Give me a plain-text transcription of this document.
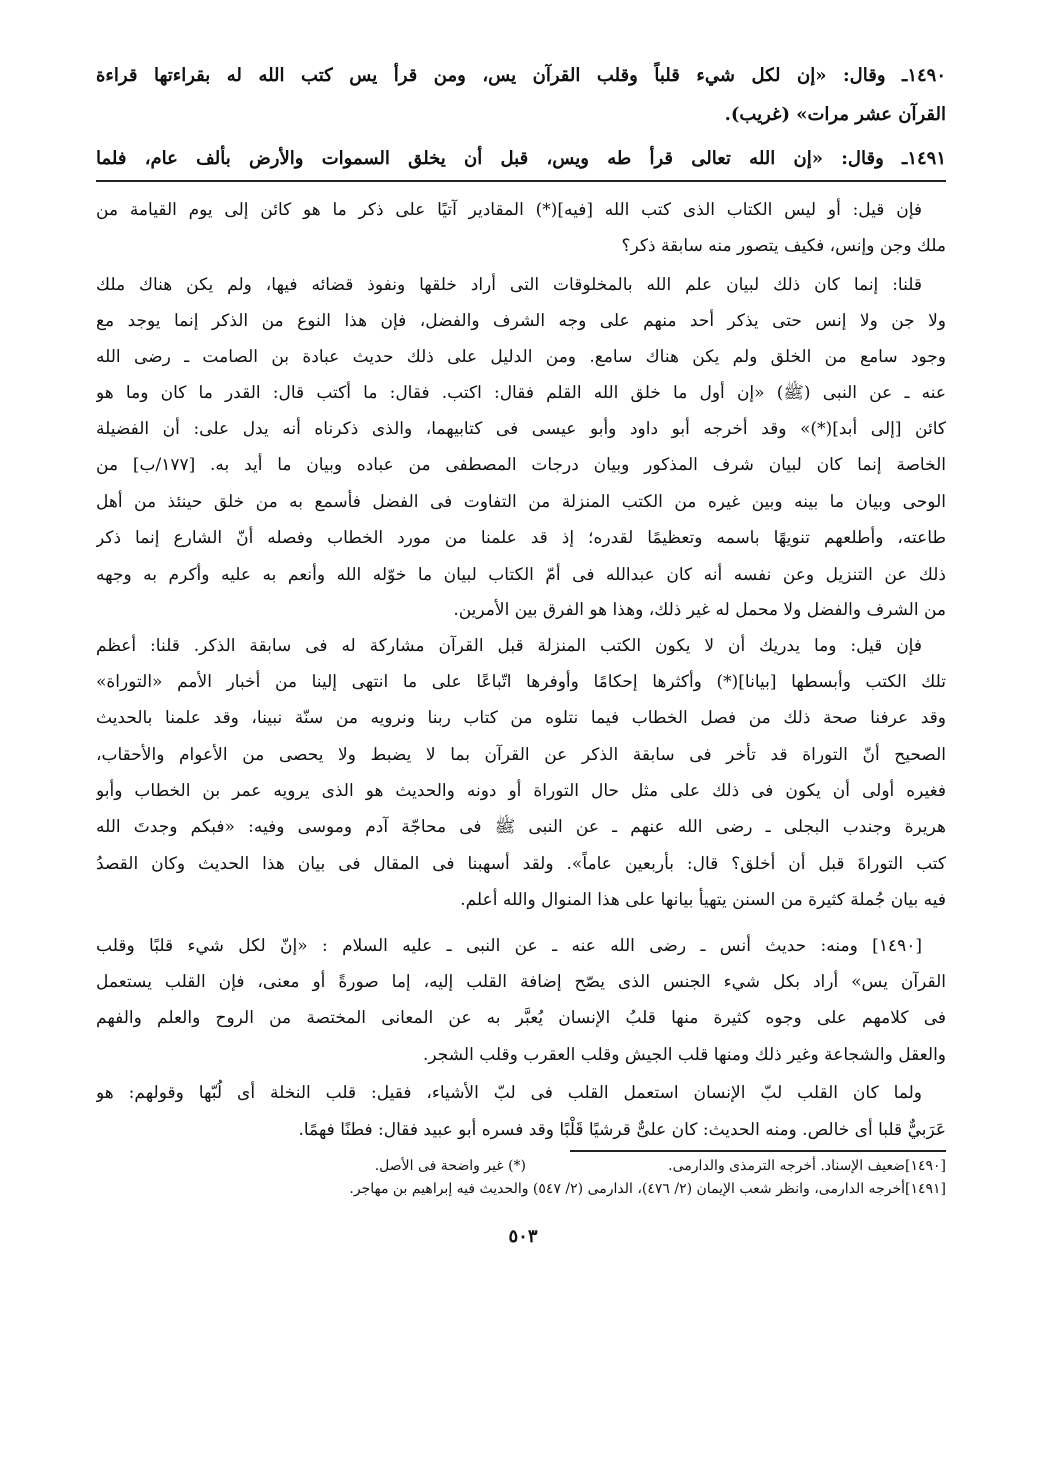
١٤٩٠ـ وقال: «إن لكل شيء قلباً وقلب القرآن يس، ومن قرأ يس كتب الله له بقراءتها قراءة
القرآن عشر مرات» (غريب).
١٤٩١ـ وقال: «إن الله تعالى قرأ طه ويس، قبل أن يخلق السموات والأرض بألف عام، فلما
فإن قيل: أو ليس الكتاب الذى كتب الله [فيه](*) المقادير آتيًا على ذكر ما هو كائن إلى يوم القيامة من
ملك وجن وإنس، فكيف يتصور منه سابقة ذكر؟
قلنا: إنما كان ذلك لبيان علم الله بالمخلوقات التى أراد خلقها ونفوذ قضائه فيها، ولم يكن هناك ملك
ولا جن ولا إنس حتى يذكر أحد منهم على وجه الشرف والفضل، فإن هذا النوع من الذكر إنما يوجد مع
وجود سامع من الخلق ولم يكن هناك سامع. ومن الدليل على ذلك حديث عبادة بن الصامت ـ رضى الله
عنه ـ عن النبى (ﷺ) «إن أول ما خلق الله القلم فقال: اكتب. فقال: ما أكتب قال: القدر ما كان وما هو
كائن [إلى أبد](*)» وقد أخرجه أبو داود وأبو عيسى فى كتابيهما، والذى ذكرناه أنه يدل على: أن الفضيلة
الخاصة إنما كان لبيان شرف المذكور وبيان درجات المصطفى من عباده وبيان ما أيد به. [١٧٧/ب] من
الوحى وبيان ما بينه وبين غيره من الكتب المنزلة من التفاوت فى الفضل فأسمع به من خلق حينئذ من أهل
طاعته، وأطلعهم تنويهًا باسمه وتعظيمًا لقدره؛ إذ قد علمنا من مورد الخطاب وفصله أنّ الشارع إنما ذكر
ذلك عن التنزيل وعن نفسه أنه كان عبدالله فى أمّ الكتاب لبيان ما خوّله الله وأنعم به عليه وأكرم به وجهه
من الشرف والفضل ولا محمل له غير ذلك، وهذا هو الفرق بين الأمرين.
فإن قيل: وما يدريك أن لا يكون الكتب المنزلة قبل القرآن مشاركة له فى سابقة الذكر. قلنا: أعظم
تلك الكتب وأبسطها [بيانا](*) وأكثرها إحكامًا وأوفرها اتّباعًا على ما انتهى إلينا من أخبار الأمم «التوراة»
وقد عرفنا صحة ذلك من فصل الخطاب فيما نتلوه من كتاب ربنا ونرويه من سنّة نبينا، وقد علمنا بالحديث
الصحيح أنّ التوراة قد تأخر فى سابقة الذكر عن القرآن بما لا يضبط ولا يحصى من الأعوام والأحقاب،
فغيره أولى أن يكون فى ذلك على مثل حال التوراة أو دونه والحديث هو الذى يرويه عمر بن الخطاب وأبو
هريرة وجندب البجلى ـ رضى الله عنهم ـ عن النبى ﷺ فى محاجّة آدم وموسى وفيه: «فبكم وجدتَ الله
كتب التوراةَ قبل أن أخلق؟ قال: بأربعين عاماً». ولقد أسهبنا فى المقال فى بيان هذا الحديث وكان القصدُ
فيه بيان جُملة كثيرة من السنن يتهيأ بيانها على هذا المنوال والله أعلم.
[١٤٩٠] ومنه: حديث أنس ـ رضى الله عنه ـ عن النبى ـ عليه السلام : «إنّ لكل شيء قلبًا وقلب
القرآن يس» أراد بكل شيء الجنس الذى يصّح إضافة القلب إليه، إما صورةً أو معنى، فإن القلب يستعمل
فى كلامهم على وجوه كثيرة منها قلبُ الإنسان يُعبَّر به عن المعانى المختصة من الروح والعلم والفهم
والعقل والشجاعة وغير ذلك ومنها قلب الجيش وقلب العقرب وقلب الشجر.
ولما كان القلب لبّ الإنسان استعمل القلب فى لبّ الأشياء، فقيل: قلب النخلة أى لُبّها وقولهم: هو
عَرَبيٌّ قلبا أى خالص. ومنه الحديث: كان علىٌّ قرشيًا قَلْبًا وقد فسره أبو عبيد فقال: فطنًا فهمًا.
[١٤٩٠]ضعيف الإسناد. أخرجه الترمذى والدارمى.
(*) غير واضحة فى الأصل.
[١٤٩١]أخرجه الدارمى، وانظر شعب الإيمان (٢/ ٤٧٦)، الدارمى (٢/ ٥٤٧) والحديث فيه إبراهيم بن مهاجر.
٥٠٣
